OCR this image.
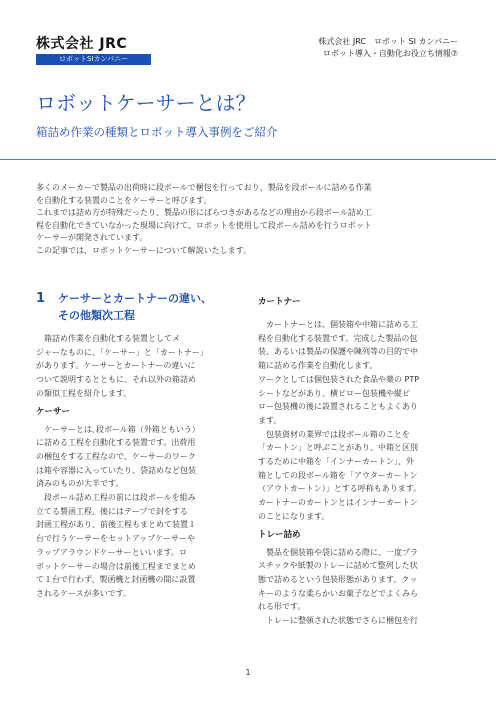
株式会社 JRC
ロボットSIカンパニー
株式会社 JRC　ロボット SI カンパニー
ロボット導入・自動化お役立ち情報⑦
ロボットケーサーとは？
箱詰め作業の種類とロボット導入事例をご紹介

多くのメーカーで製品の出荷時に段ボールで梱包を行っており、製品を段ボールに詰める作業

を自動化する装置のことをケーサーと呼びます。

これまでは詰め方が特殊だったり、製品の形にばらつきがあるなどの理由から段ボール詰め工

程を自動化できていなかった現場に向けて、ロボットを使用して段ボール詰めを行うロボット

ケーサーが開発されています。

この記事では、ロボットケーサーについて解説いたします。

1	ケーサーとカートナーの違い、
その他類次工程

　箱詰め作業を自動化する装置としてメ
ジャーなものに、「ケーサー」と「カートナー」
があります。ケーサーとカートナーの違いに
ついて説明するとともに、それ以外の箱詰め
の類似工程を紹介します。

ケーサー

　ケーサーとは､段ボール箱（外箱ともいう）
に詰める工程を自動化する装置です。出荷用
の梱包をする工程なので、ケーサーのワーク
は箱や容器に入っていたり、袋詰めなど包装
済みのものが大半です。
　段ボール詰め工程の前には段ボールを組み
立てる製函工程、後にはテープで封をする
封函工程があり、前後工程もまとめて装置１
台で行うケーサーをセットアップケーサーや
ラップアラウンドケーサーといいます。ロ
ボットケーサーの場合は前後工程までまとめ
て１台で行わず、製函機と封函機の間に設置
されるケースが多いです。

カートナー

　カートナーとは、個装箱や中箱に詰める工
程を自動化する装置です。完成した製品の包
装、あるいは製品の保護や陳列等の目的で中
箱に詰める作業を自動化します。
ワークとしては個包装された食品や薬の PTP
シートなどがあり、横ピロー包装機や縦ピ
ロー包装機の後に設置されることもよくあり
ます。
　包装資材の業界では段ボール箱のことを
「カートン」と呼ぶことがあり、中箱と区別
するために中箱を「インナーカートン」、外
箱としての段ボール箱を「アウターカートン
（アウトカートン）」とする呼称もあります。
カートナーのカートンとはインナーカートン
のことになります。

トレー詰め

　製品を個装箱や袋に詰める際に、一度プラ
スチックや紙製のトレーに詰めて整列した状
態で詰めるという包装形態があります。クッ
キーのような柔らかいお菓子などでよくみら
れる形です。
　トレーに整頓された状態でさらに梱包を行

1
